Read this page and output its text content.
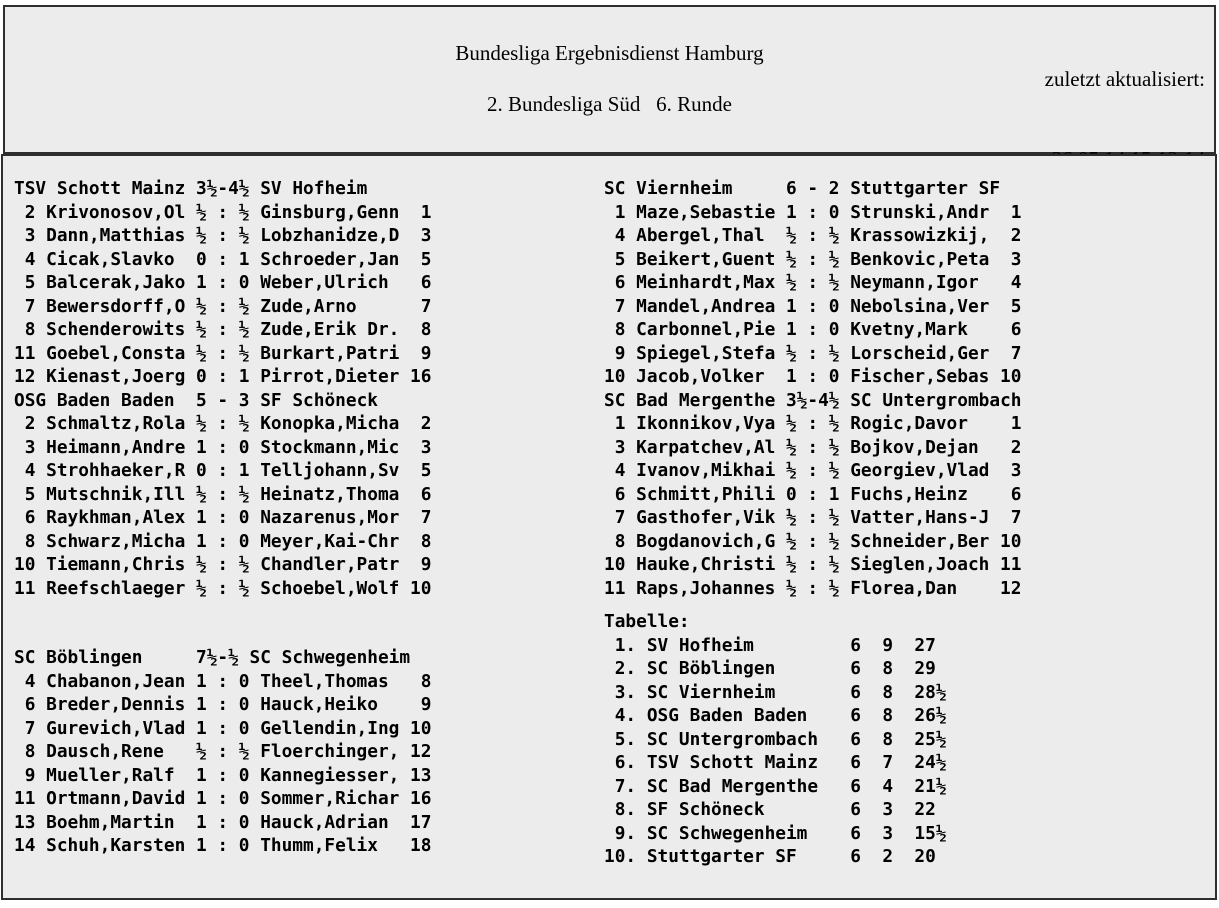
zuletzt aktualisiert:

Bundesliga Ergebnisdienst Hamburg
2. Bundesliga Süd   6. Runde
TSV Schott Mainz 3½-4½ SV Hofheim
2 Krivonosov,Ol ½ : ½ Ginsburg,Genn 1
3 Dann,Matthias ½ : ½ Lobzhanidze,D 3
4 Cicak,Slavko 0 : 1 Schroeder,Jan 5
5 Balcerak,Jako 1 : 0 Weber,Ulrich 6
7 Bewersdorff,O ½ : ½ Zude,Arno	7
8 Schenderowits ½ : ½ Zude,Erik Dr. 8
11 Goebel,Consta ½ : ½ Burkart,Patri 9
12 Kienast,Joerg 0 : 1 Pirrot,Dieter 16
OSG Baden Baden 5 - 3 SF Schöneck
2 Schmaltz,Rola ½ : ½ Konopka,Micha 2
3 Heimann,Andre 1 : 0 Stockmann,Mic 3
4 Strohhaeker,R 0 : 1 Telljohann,Sv 5
5 Mutschnik,Ill ½ : ½ Heinatz,Thoma 6
6 Raykhman,Alex 1 : 0 Nazarenus,Mor 7
8 Schwarz,Micha 1 : 0 Meyer,Kai-Chr 8
10 Tiemann,Chris ½ : ½ Chandler,Patr 9
11 Reefschlaeger ½ : ½ Schoebel,Wolf 10
SC Böblingen	7½-½ SC Schwegenheim
4 Chabanon,Jean 1 : 0 Theel,Thomas 8
6 Breder,Dennis 1 : 0 Hauck,Heiko 9
7 Gurevich,Vlad 1 : 0 Gellendin,Ing 10
8 Dausch,Rene ½ : ½ Floerchinger, 12
9 Mueller,Ralf 1 : 0 Kannegiesser, 13
11 Ortmann,David 1 : 0 Sommer,Richar 16
13 Boehm,Martin 1 : 0 Hauck,Adrian 17
14 Schuh,Karsten 1 : 0 Thumm,Felix 18
SC Viernheim	6 - 2 Stuttgarter SF
1 Maze,Sebastie 1 : 0 Strunski,Andr 1
4 Abergel,Thal ½ : ½ Krassowizkij, 2
5 Beikert,Guent ½ : ½ Benkovic,Peta 3
6 Meinhardt,Max ½ : ½ Neymann,Igor 4
7 Mandel,Andrea 1 : 0 Nebolsina,Ver 5
8 Carbonnel,Pie 1 : 0 Kvetny,Mark 6
9 Spiegel,Stefa ½ : ½ Lorscheid,Ger 7
10 Jacob,Volker 1 : 0 Fischer,Sebas 10
SC Bad Mergenthe 3½-4½ SC Untergrombach
1 Ikonnikov,Vya ½ : ½ Rogic,Davor 1
3 Karpatchev,Al ½ : ½ Bojkov,Dejan 2
4 Ivanov,Mikhai ½ : ½ Georgiev,Vlad 3
6 Schmitt,Phili 0 : 1 Fuchs,Heinz 6
7 Gasthofer,Vik ½ : ½ Vatter,Hans-J 7
8 Bogdanovich,G ½ : ½ Schneider,Ber 10
10 Hauke,Christi ½ : ½ Sieglen,Joach 11
11 Raps,Johannes ½ : ½ Florea,Dan 12
Tabelle:
1. SV Hofheim	6 9 27
2. SC Böblingen	6 8 29
3. SC Viernheim	6 8 28½
4. OSG Baden Baden 6 8 26½
5. SC Untergrombach 6 8 25½
6. TSV Schott Mainz 6 7 24½
7. SC Bad Mergenthe 6 4 21½
8. SF Schöneck	6 3 22
9. SC Schwegenheim 6 3 15½
10. Stuttgarter SF	6 2 20
